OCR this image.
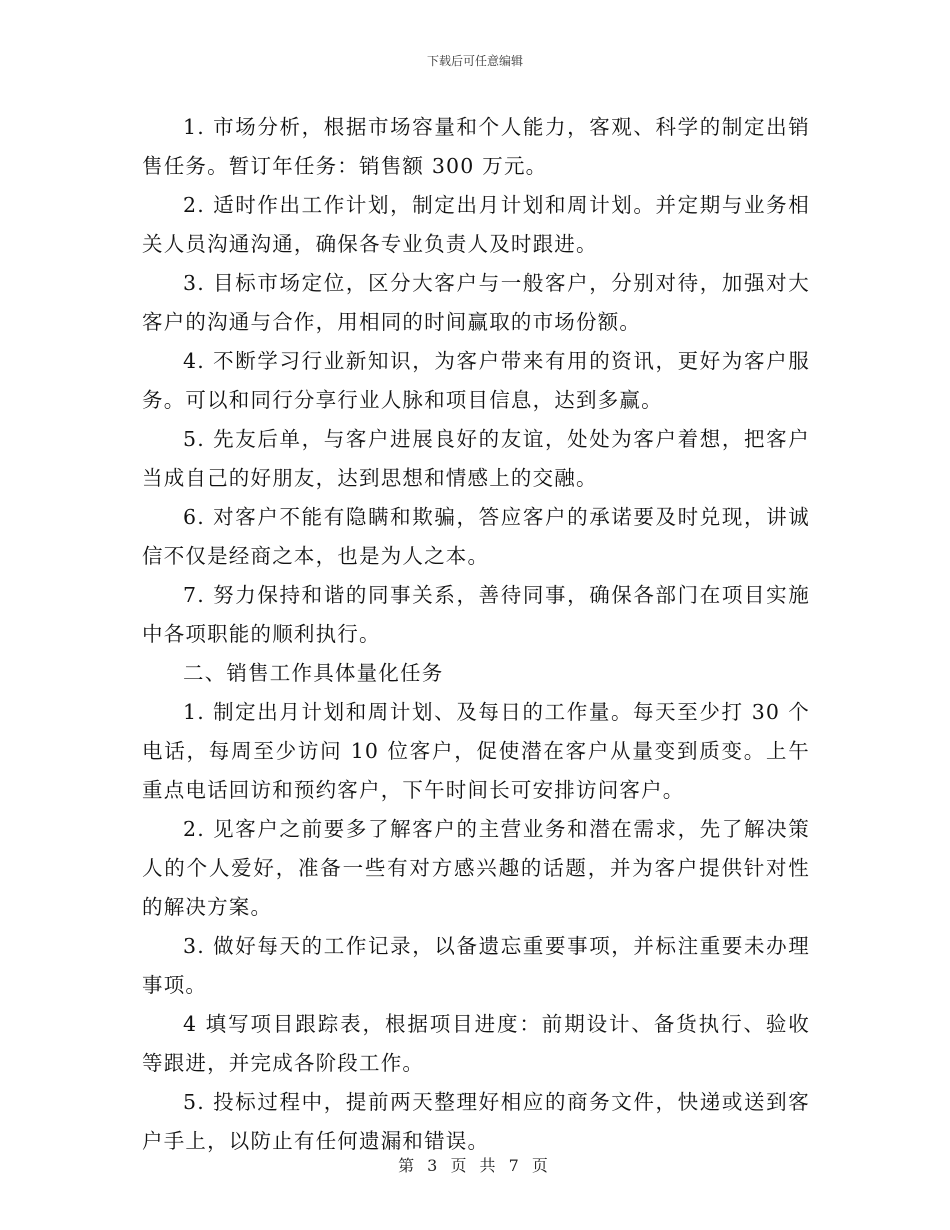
下载后可任意编辑

1. 市场分析，根据市场容量和个人能力，客观、科学的制定出销售任务。暂订年任务：销售额 300 万元。

2. 适时作出工作计划，制定出月计划和周计划。并定期与业务相关人员沟通沟通，确保各专业负责人及时跟进。

3. 目标市场定位，区分大客户与一般客户，分别对待，加强对大客户的沟通与合作，用相同的时间赢取的市场份额。

4. 不断学习行业新知识，为客户带来有用的资讯，更好为客户服务。可以和同行分享行业人脉和项目信息，达到多赢。

5. 先友后单，与客户进展良好的友谊，处处为客户着想，把客户当成自己的好朋友，达到思想和情感上的交融。

6. 对客户不能有隐瞒和欺骗，答应客户的承诺要及时兑现，讲诚信不仅是经商之本，也是为人之本。

7. 努力保持和谐的同事关系，善待同事，确保各部门在项目实施中各项职能的顺利执行。

二、销售工作具体量化任务

1. 制定出月计划和周计划、及每日的工作量。每天至少打 30 个电话，每周至少访问 10 位客户，促使潜在客户从量变到质变。上午重点电话回访和预约客户，下午时间长可安排访问客户。

2. 见客户之前要多了解客户的主营业务和潜在需求，先了解决策人的个人爱好，准备一些有对方感兴趣的话题，并为客户提供针对性的解决方案。

3. 做好每天的工作记录，以备遗忘重要事项，并标注重要未办理事项。

4 填写项目跟踪表，根据项目进度：前期设计、备货执行、验收等跟进，并完成各阶段工作。

5. 投标过程中，提前两天整理好相应的商务文件，快递或送到客户手上，以防止有任何遗漏和错误。

第 3 页 共 7 页
